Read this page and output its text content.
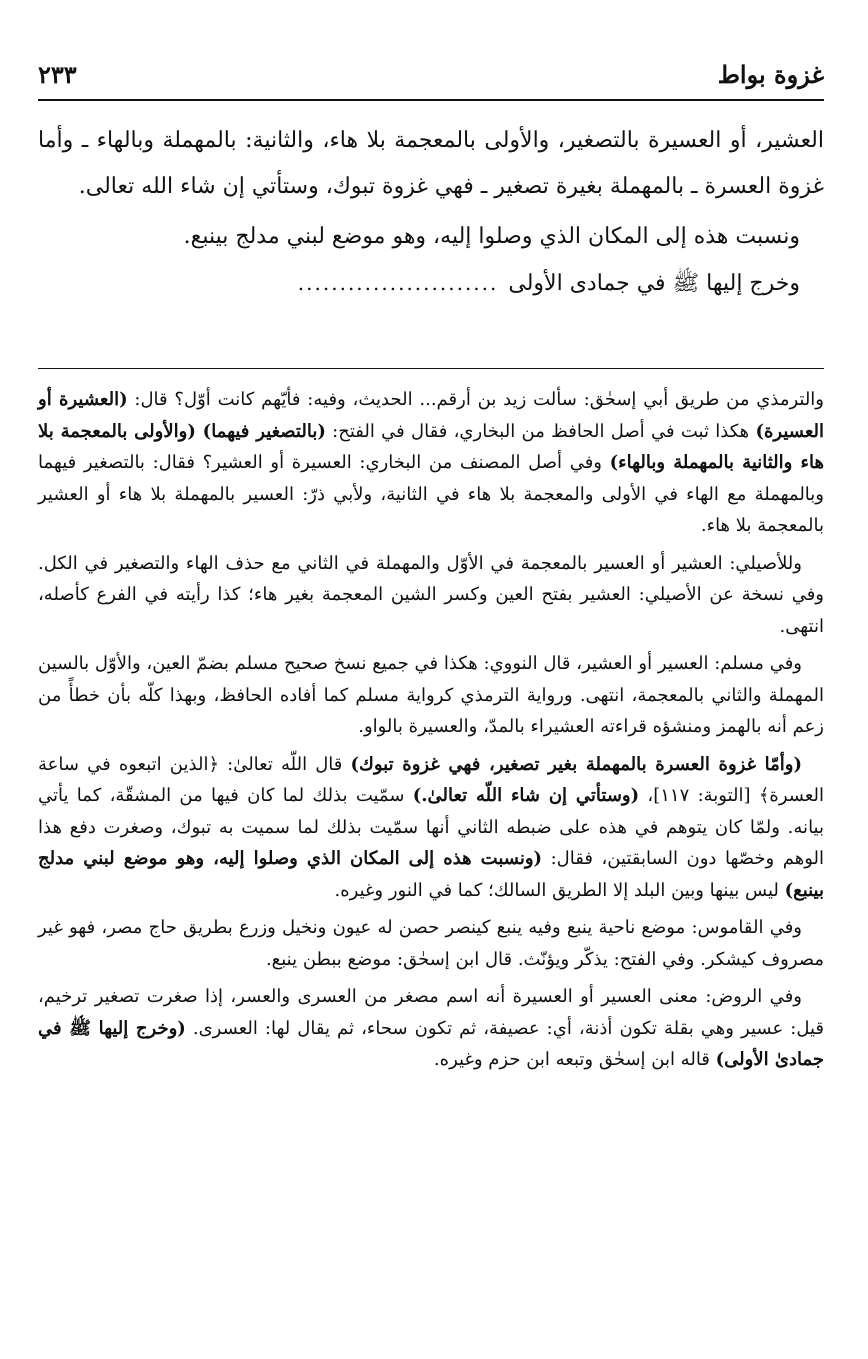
غزوة بواط
٢٣٣

العشير، أو العسيرة بالتصغير، والأولى بالمعجمة بلا هاء، والثانية: بالمهملة وبالهاء ـ وأما غزوة العسرة ـ بالمهملة بغيرة تصغير ـ فهي غزوة تبوك، وستأتي إن شاء الله تعالى.

ونسبت هذه إلى المكان الذي وصلوا إليه، وهو موضع لبني مدلج بينبع.

وخرج إليها ﷺ في جمادى الأولى
........................

والترمذي من طريق أبي إسحٰق: سألت زيد بن أرقم... الحديث، وفيه: فأيّهم كانت أوّل؟ قال: (العشيرة أو العسيرة) هكذا ثبت في أصل الحافظ من البخاري، فقال في الفتح: (بالتصغير فيهما) (والأولى بالمعجمة بلا هاء والثانية بالمهملة وبالهاء) وفي أصل المصنف من البخاري: العسيرة أو العشير؟ فقال: بالتصغير فيهما وبالمهملة مع الهاء في الأولى والمعجمة بلا هاء في الثانية، ولأبي ذرّ: العسير بالمهملة بلا هاء أو العشير بالمعجمة بلا هاء.

وللأصيلي: العشير أو العسير بالمعجمة في الأوّل والمهملة في الثاني مع حذف الهاء والتصغير في الكل. وفي نسخة عن الأصيلي: العشير بفتح العين وكسر الشين المعجمة بغير هاء؛ كذا رأيته في الفرع كأصله، انتهى.

وفي مسلم: العسير أو العشير، قال النووي: هكذا في جميع نسخ صحيح مسلم بضمّ العين، والأوّل بالسين المهملة والثاني بالمعجمة، انتهى. ورواية الترمذي كرواية مسلم كما أفاده الحافظ، وبهذا كلّه بأن خطأً من زعم أنه بالهمز ومنشؤه قراءته العشيراء بالمدّ، والعسيرة بالواو.

(وأمّا غزوة العسرة بالمهملة بغير تصغير، فهي غزوة تبوك) قال اللّه تعالىٰ: ﴿الذين اتبعوه في ساعة العسرة﴾ [التوبة: ١١٧]، (وستأتي إن شاء اللّه تعالىٰ.) سمّيت بذلك لما كان فيها من المشقّة، كما يأتي بيانه. ولمّا كان يتوهم في هذه على ضبطه الثاني أنها سمّيت بذلك لما سميت به تبوك، وصغرت دفع هذا الوهم وخصّها دون السابقتين، فقال: (ونسبت هذه إلى المكان الذي وصلوا إليه، وهو موضع لبني مدلج بينبع) ليس بينها وبين البلد إلا الطريق السالك؛ كما في النور وغيره.

وفي القاموس: موضع ناحية ينبع وفيه ينبع كينصر حصن له عيون ونخيل وزرع بطريق حاج مصر، فهو غير مصروف كيشكر. وفي الفتح: يذكّر ويؤنّث. قال ابن إسحٰق: موضع ببطن ينبع.

وفي الروض: معنى العسير أو العسيرة أنه اسم مصغر من العسرى والعسر، إذا صغرت تصغير ترخيم، قيل: عسير وهي بقلة تكون أذنة، أي: عصيفة، ثم تكون سحاء، ثم يقال لها: العسرى. (وخرج إليها ﷺ في جمادىٰ الأولى) قاله ابن إسحٰق وتبعه ابن حزم وغيره.
